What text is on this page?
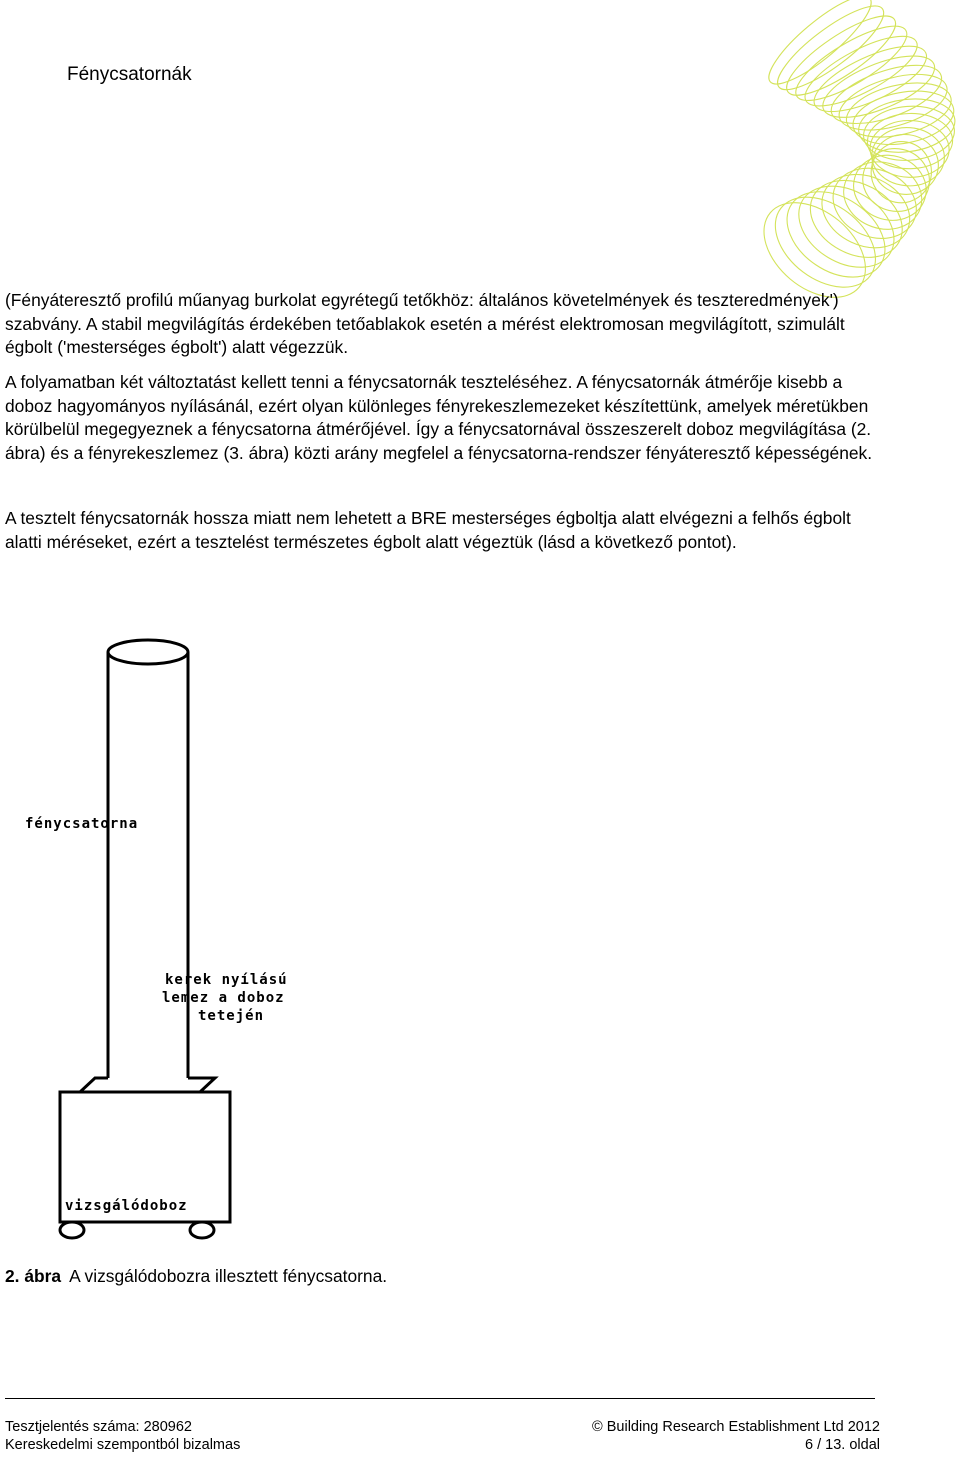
Fénycsatornák

(Fényáteresztő profilú műanyag burkolat egyrétegű tetőkhöz: általános követelmények és teszteredmények') szabvány. A stabil megvilágítás érdekében tetőablakok esetén a mérést elektromosan megvilágított, szimulált égbolt ('mesterséges égbolt') alatt végezzük.

A folyamatban két változtatást kellett tenni a fénycsatornák teszteléséhez. A fénycsatornák átmérője kisebb a doboz hagyományos nyílásánál, ezért olyan különleges fényrekeszlemezeket készítettünk, amelyek méretükben körülbelül megegyeznek a fénycsatorna átmérőjével. Így a fénycsatornával összeszerelt doboz megvilágítása (2. ábra) és a fényrekeszlemez (3. ábra) közti arány megfelel a fénycsatorna-rendszer fényáteresztő képességének.

A tesztelt fénycsatornák hossza miatt nem lehetett a BRE mesterséges égboltja alatt elvégezni a felhős égbolt alatti méréseket, ezért a tesztelést természetes égbolt alatt végeztük (lásd a következő pontot).

fénycsatorna
kerek nyílású
lemez a doboz
tetején
vizsgálódoboz
2. ábra A vizsgálódobozra illesztett fénycsatorna.
Tesztjelentés száma: 280962
Kereskedelmi szempontból bizalmas
© Building Research Establishment Ltd 2012
6 / 13. oldal
